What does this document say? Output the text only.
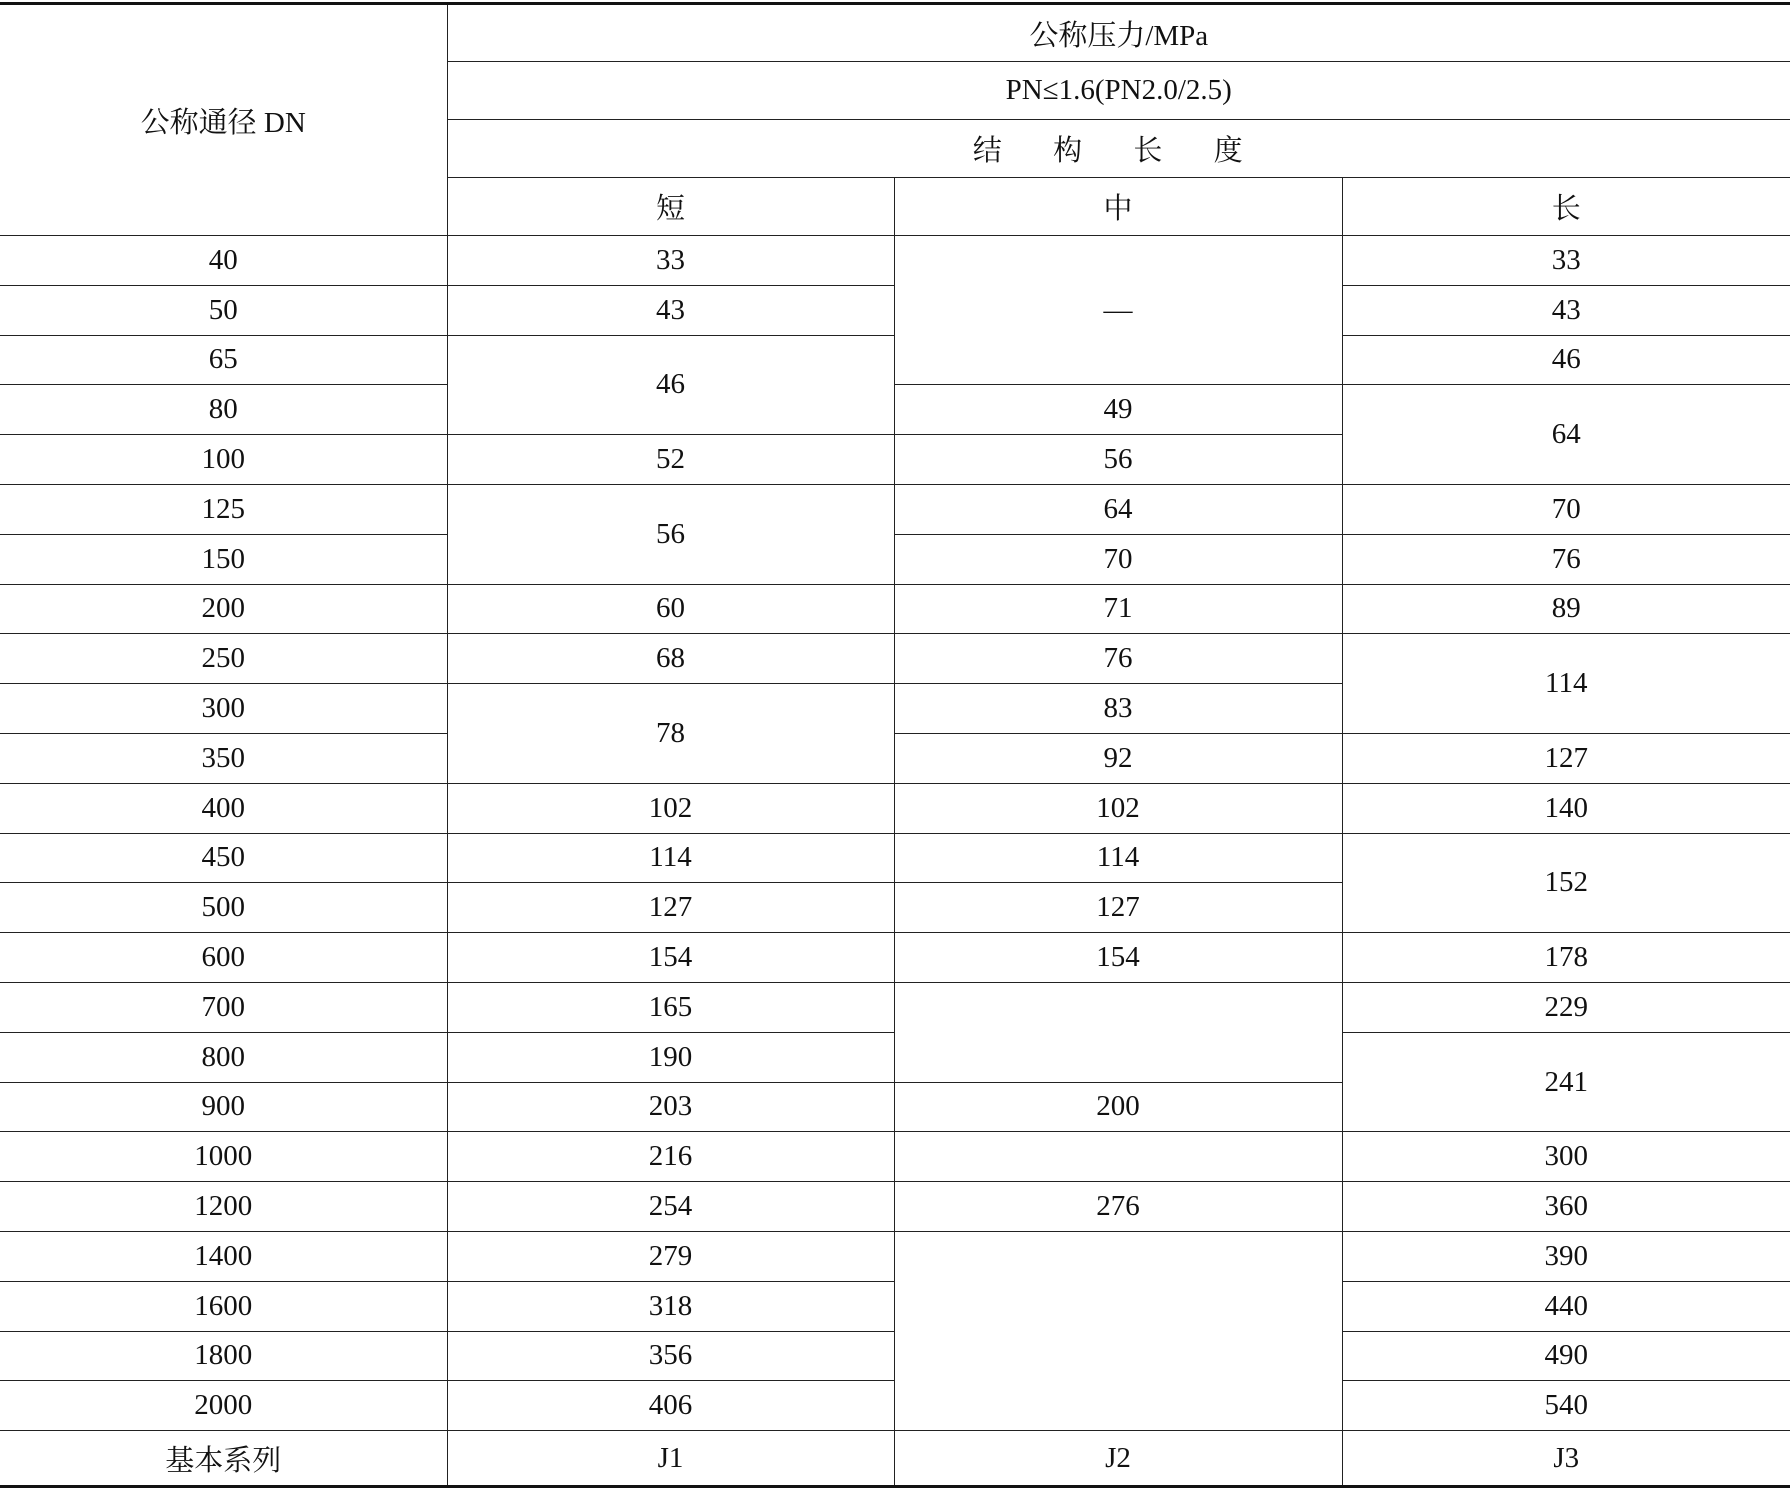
公称通径 DN	公称压力/MPa		
	PN≤1.6(PN2.0/2.5)		
	结 构 长 度		
	短	中	长
40	33	—	33
50	43		43
65	46		46
80		49	64
100	52	56	
125	56	64	70
150		70	76
200	60	71	89
250	68	76	114
300	78	83	
350		92	127
400	102	102	140
450	114	114	152
500	127	127	
600	154	154	178
700	165		229
800	190		241
900	203	200	
1000	216		300
1200	254	276	360
1400	279		390
1600	318		440
1800	356		490
2000	406		540
基本系列	J1	J2	J3
